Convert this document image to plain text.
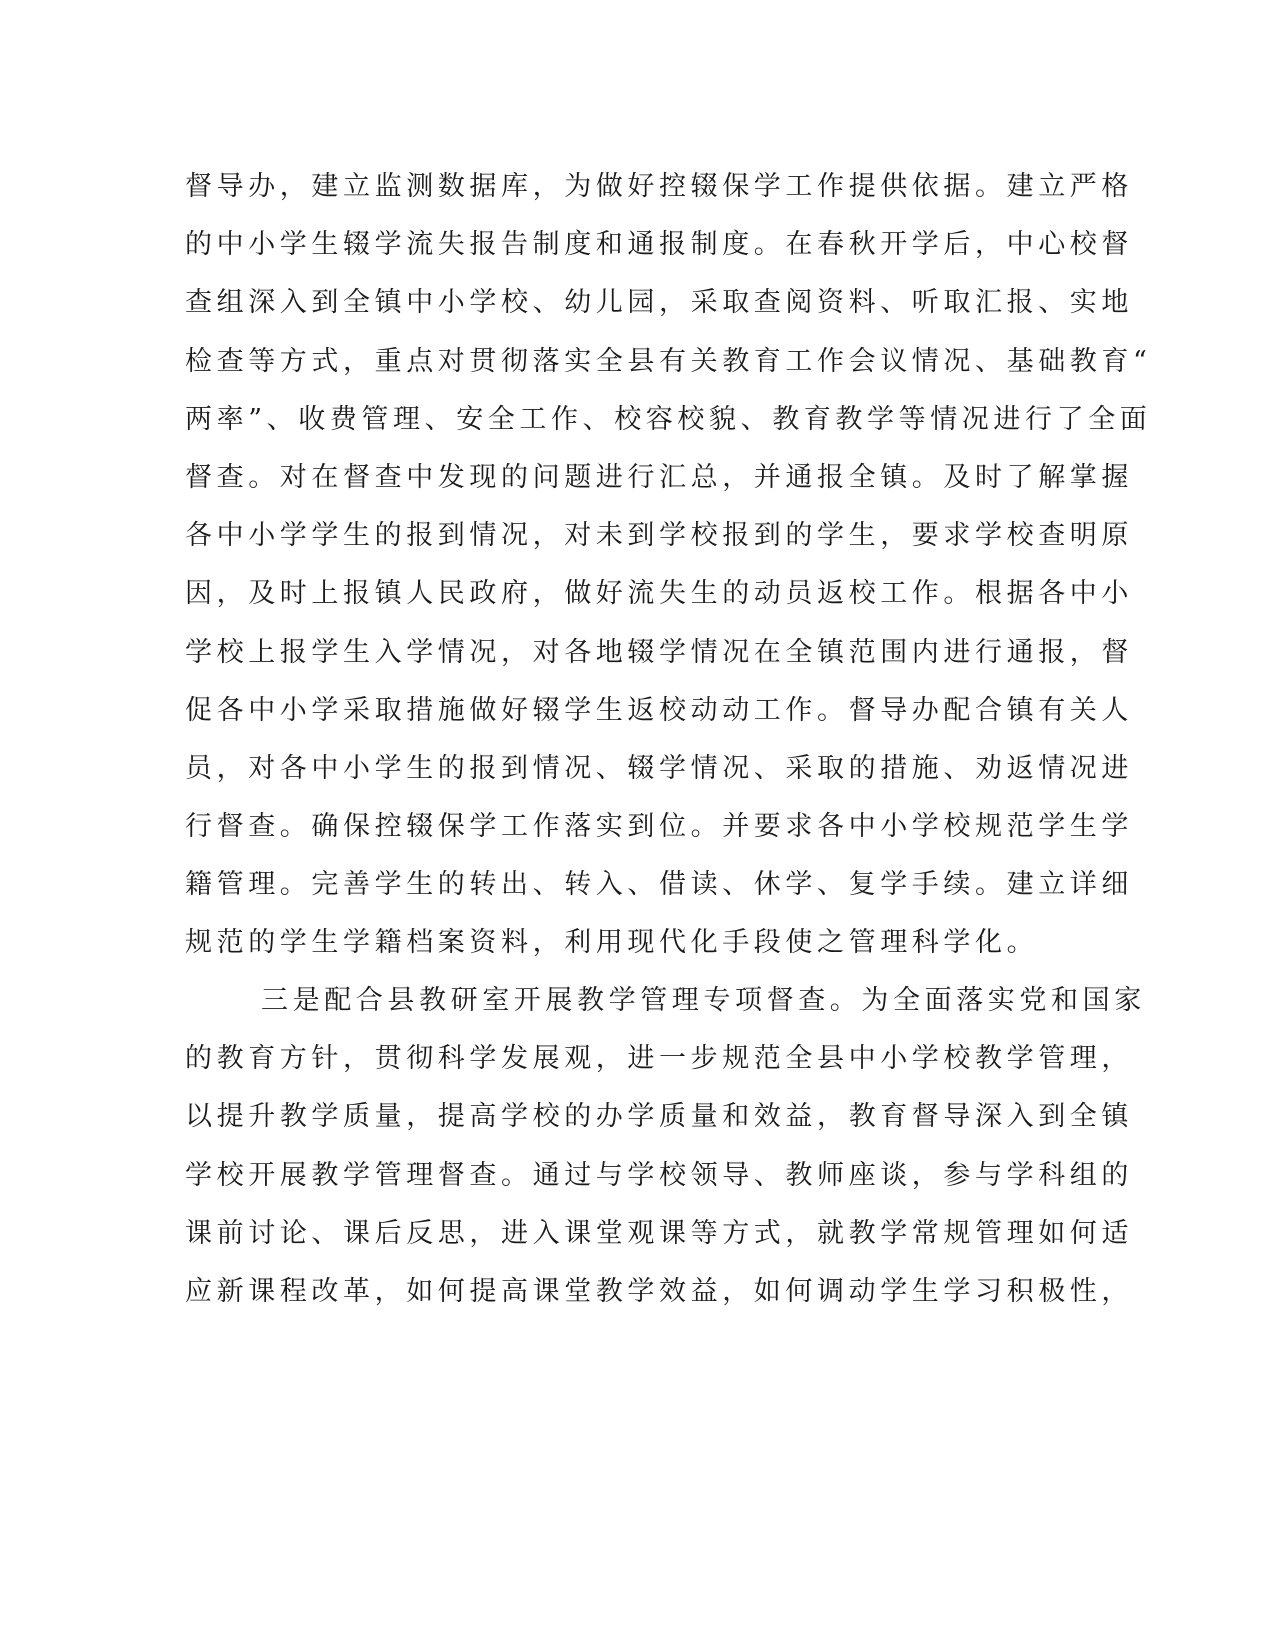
督导办，建立监测数据库，为做好控辍保学工作提供依据。建立严格
的中小学生辍学流失报告制度和通报制度。在春秋开学后，中心校督
查组深入到全镇中小学校、幼儿园，采取查阅资料、听取汇报、实地
检查等方式，重点对贯彻落实全县有关教育工作会议情况、基础教育“
两率”、收费管理、安全工作、校容校貌、教育教学等情况进行了全面
督查。对在督查中发现的问题进行汇总，并通报全镇。及时了解掌握
各中小学学生的报到情况，对未到学校报到的学生，要求学校查明原
因，及时上报镇人民政府，做好流失生的动员返校工作。根据各中小
学校上报学生入学情况，对各地辍学情况在全镇范围内进行通报，督
促各中小学采取措施做好辍学生返校动动工作。督导办配合镇有关人
员，对各中小学生的报到情况、辍学情况、采取的措施、劝返情况进
行督查。确保控辍保学工作落实到位。并要求各中小学校规范学生学
籍管理。完善学生的转出、转入、借读、休学、复学手续。建立详细
规范的学生学籍档案资料，利用现代化手段使之管理科学化。
三是配合县教研室开展教学管理专项督查。为全面落实党和国家
的教育方针，贯彻科学发展观，进一步规范全县中小学校教学管理，
以提升教学质量，提高学校的办学质量和效益，教育督导深入到全镇
学校开展教学管理督查。通过与学校领导、教师座谈，参与学科组的
课前讨论、课后反思，进入课堂观课等方式，就教学常规管理如何适
应新课程改革，如何提高课堂教学效益，如何调动学生学习积极性，
